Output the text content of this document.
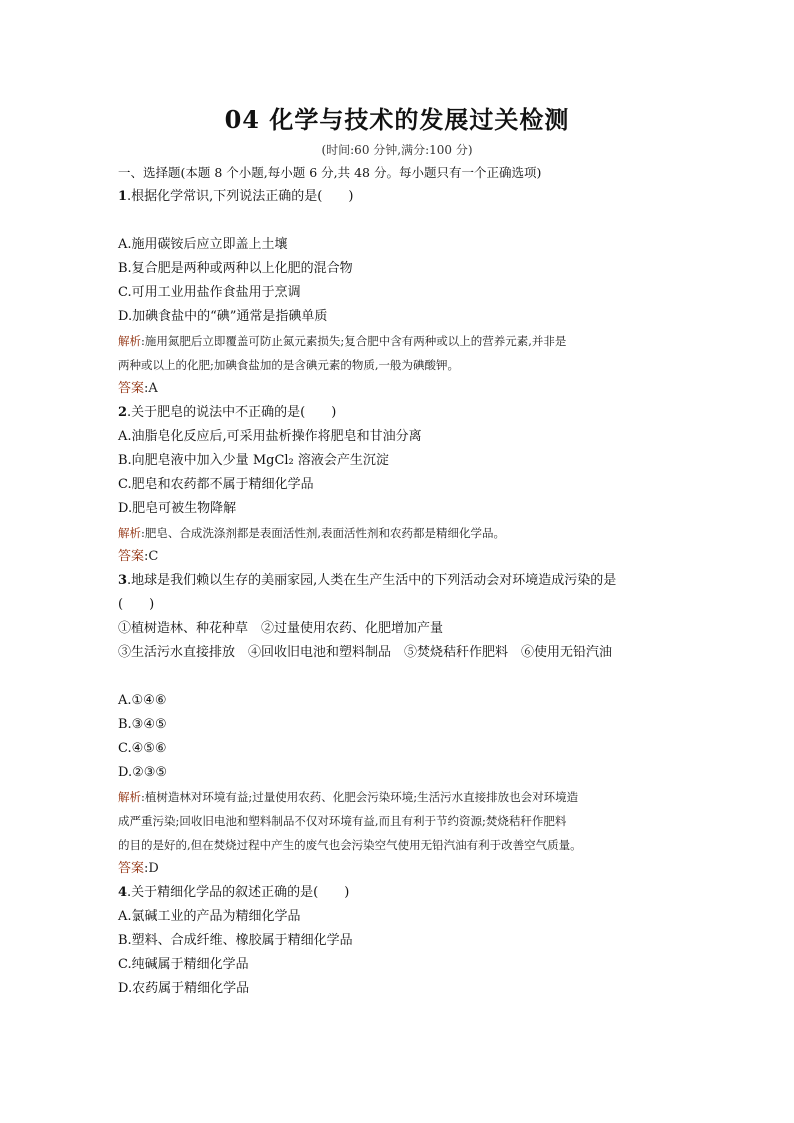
04 化学与技术的发展过关检测
(时间:60 分钟,满分:100 分)
一、选择题(本题 8 个小题,每小题 6 分,共 48 分。每小题只有一个正确选项)
1.根据化学常识,下列说法正确的是(　　)
A.施用碳铵后应立即盖上土壤
B.复合肥是两种或两种以上化肥的混合物
C.可用工业用盐作食盐用于烹调
D.加碘食盐中的“碘”通常是指碘单质
解析:施用氮肥后立即覆盖可防止氮元素损失;复合肥中含有两种或以上的营养元素,并非是
两种或以上的化肥;加碘食盐加的是含碘元素的物质,一般为碘酸钾。
答案:A
2.关于肥皂的说法中不正确的是(　　)
A.油脂皂化反应后,可采用盐析操作将肥皂和甘油分离
B.向肥皂液中加入少量 MgCl₂ 溶液会产生沉淀
C.肥皂和农药都不属于精细化学品
D.肥皂可被生物降解
解析:肥皂、合成洗涤剂都是表面活性剂,表面活性剂和农药都是精细化学品。
答案:C
3.地球是我们赖以生存的美丽家园,人类在生产生活中的下列活动会对环境造成污染的是
(　　)
①植树造林、种花种草　②过量使用农药、化肥增加产量
③生活污水直接排放　④回收旧电池和塑料制品　⑤焚烧秸秆作肥料　⑥使用无铅汽油
A.①④⑥
B.③④⑤
C.④⑤⑥
D.②③⑤
解析:植树造林对环境有益;过量使用农药、化肥会污染环境;生活污水直接排放也会对环境造
成严重污染;回收旧电池和塑料制品不仅对环境有益,而且有利于节约资源;焚烧秸秆作肥料
的目的是好的,但在焚烧过程中产生的废气也会污染空气使用无铅汽油有利于改善空气质量。
答案:D
4.关于精细化学品的叙述正确的是(　　)
A.氯碱工业的产品为精细化学品
B.塑料、合成纤维、橡胶属于精细化学品
C.纯碱属于精细化学品
D.农药属于精细化学品
